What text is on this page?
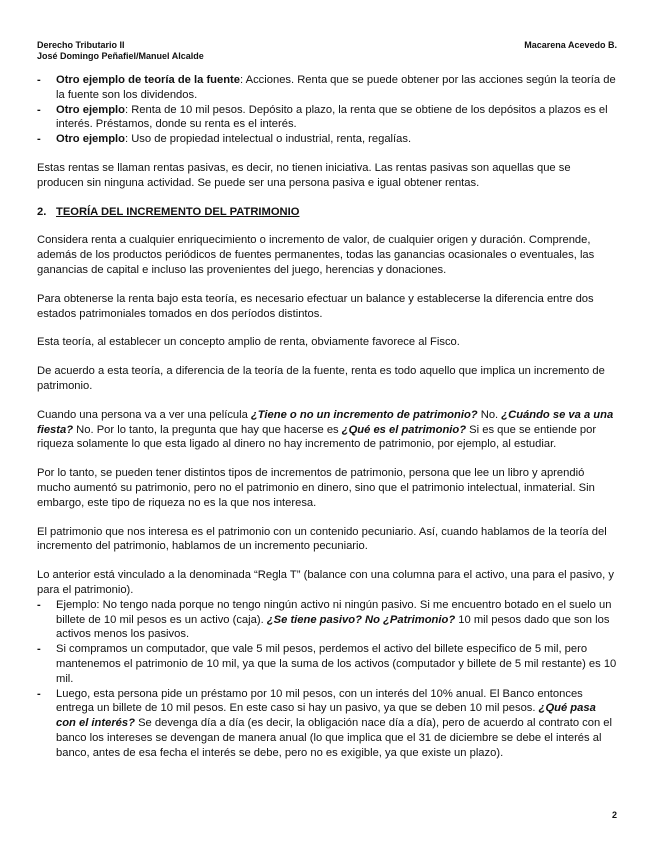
Derecho Tributario II
José Domingo Peñafiel/Manuel Alcalde
Macarena Acevedo B.
-	Otro ejemplo de teoría de la fuente: Acciones. Renta que se puede obtener por las acciones según la teoría de la fuente son los dividendos.
-	Otro ejemplo: Renta de 10 mil pesos. Depósito a plazo, la renta que se obtiene de los depósitos a plazos es el interés. Préstamos, donde su renta es el interés.
-	Otro ejemplo: Uso de propiedad intelectual o industrial, renta, regalías.

Estas rentas se llaman rentas pasivas, es decir, no tienen iniciativa. Las rentas pasivas son aquellas que se producen sin ninguna actividad. Se puede ser una persona pasiva e igual obtener rentas.

2. TEORÍA DEL INCREMENTO DEL PATRIMONIO

Considera renta a cualquier enriquecimiento o incremento de valor, de cualquier origen y duración. Comprende, además de los productos periódicos de fuentes permanentes, todas las ganancias ocasionales o eventuales, las ganancias de capital e incluso las provenientes del juego, herencias y donaciones.

Para obtenerse la renta bajo esta teoría, es necesario efectuar un balance y establecerse la diferencia entre dos estados patrimoniales tomados en dos períodos distintos.

Esta teoría, al establecer un concepto amplio de renta, obviamente favorece al Fisco.

De acuerdo a esta teoría, a diferencia de la teoría de la fuente, renta es todo aquello que implica un incremento de patrimonio.

Cuando una persona va a ver una película ¿Tiene o no un incremento de patrimonio? No. ¿Cuándo se va a una fiesta? No. Por lo tanto, la pregunta que hay que hacerse es ¿Qué es el patrimonio? Si es que se entiende por riqueza solamente lo que esta ligado al dinero no hay incremento de patrimonio, por ejemplo, al estudiar.

Por lo tanto, se pueden tener distintos tipos de incrementos de patrimonio, persona que lee un libro y aprendió mucho aumentó su patrimonio, pero no el patrimonio en dinero, sino que el patrimonio intelectual, inmaterial. Sin embargo, este tipo de riqueza no es la que nos interesa.

El patrimonio que nos interesa es el patrimonio con un contenido pecuniario. Así, cuando hablamos de la teoría del incremento del patrimonio, hablamos de un incremento pecuniario.

Lo anterior está vinculado a la denominada “Regla T” (balance con una columna para el activo, una para el pasivo, y para el patrimonio).

-	Ejemplo: No tengo nada porque no tengo ningún activo ni ningún pasivo. Si me encuentro botado en el suelo un billete de 10 mil pesos es un activo (caja). ¿Se tiene pasivo? No ¿Patrimonio? 10 mil pesos dado que son los activos menos los pasivos.
-	Si compramos un computador, que vale 5 mil pesos, perdemos el activo del billete especifico de 5 mil, pero mantenemos el patrimonio de 10 mil, ya que la suma de los activos (computador y billete de 5 mil restante) es 10 mil.
-	Luego, esta persona pide un préstamo por 10 mil pesos, con un interés del 10% anual. El Banco entonces entrega un billete de 10 mil pesos. En este caso si hay un pasivo, ya que se deben 10 mil pesos. ¿Qué pasa con el interés? Se devenga día a día (es decir, la obligación nace día a día), pero de acuerdo al contrato con el banco los intereses se devengan de manera anual (lo que implica que el 31 de diciembre se debe el interés al banco, antes de esa fecha el interés se debe, pero no es exigible, ya que existe un plazo).
2
